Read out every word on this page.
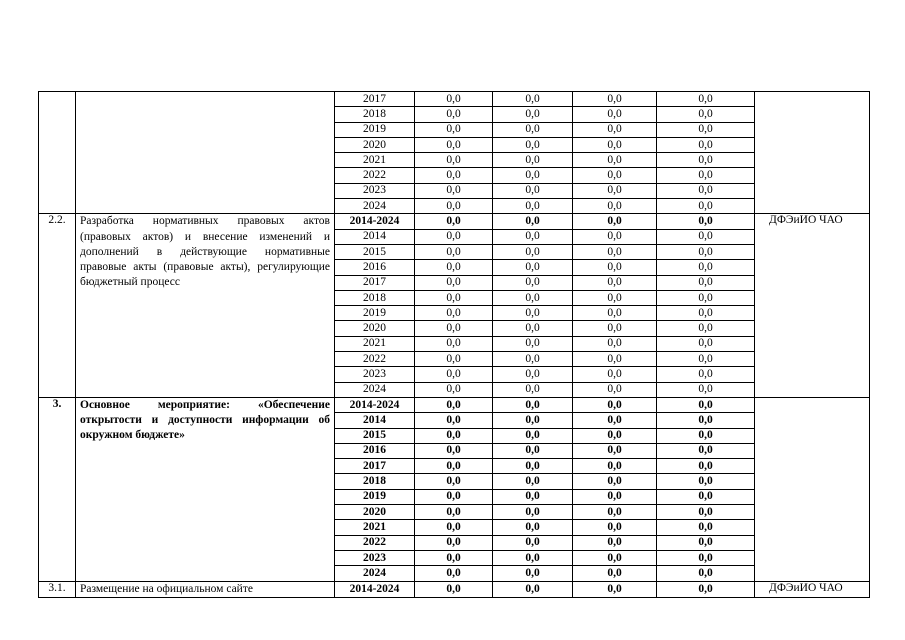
		2017	0,0	0,0	0,0	0,0	
		2018	0,0	0,0	0,0	0,0	
		2019	0,0	0,0	0,0	0,0	
		2020	0,0	0,0	0,0	0,0	
		2021	0,0	0,0	0,0	0,0	
		2022	0,0	0,0	0,0	0,0	
		2023	0,0	0,0	0,0	0,0	
		2024	0,0	0,0	0,0	0,0	
2.2.	Разработка нормативных правовых актов (правовых актов) и внесение изменений и дополнений в действующие нормативные правовые акты (правовые акты), регулирующие бюджетный процесс	2014-2024	0,0	0,0	0,0	0,0	ДФЭиИО ЧАО
		2014	0,0	0,0	0,0	0,0	
		2015	0,0	0,0	0,0	0,0	
		2016	0,0	0,0	0,0	0,0	
		2017	0,0	0,0	0,0	0,0	
		2018	0,0	0,0	0,0	0,0	
		2019	0,0	0,0	0,0	0,0	
		2020	0,0	0,0	0,0	0,0	
		2021	0,0	0,0	0,0	0,0	
		2022	0,0	0,0	0,0	0,0	
		2023	0,0	0,0	0,0	0,0	
		2024	0,0	0,0	0,0	0,0	
3.	Основное мероприятие: «Обеспечение открытости и доступности информации об окружном бюджете»	2014-2024	0,0	0,0	0,0	0,0	
		2014	0,0	0,0	0,0	0,0	
		2015	0,0	0,0	0,0	0,0	
		2016	0,0	0,0	0,0	0,0	
		2017	0,0	0,0	0,0	0,0	
		2018	0,0	0,0	0,0	0,0	
		2019	0,0	0,0	0,0	0,0	
		2020	0,0	0,0	0,0	0,0	
		2021	0,0	0,0	0,0	0,0	
		2022	0,0	0,0	0,0	0,0	
		2023	0,0	0,0	0,0	0,0	
		2024	0,0	0,0	0,0	0,0	
3.1.	Размещение на официальном сайте	2014-2024	0,0	0,0	0,0	0,0	ДФЭиИО ЧАО
